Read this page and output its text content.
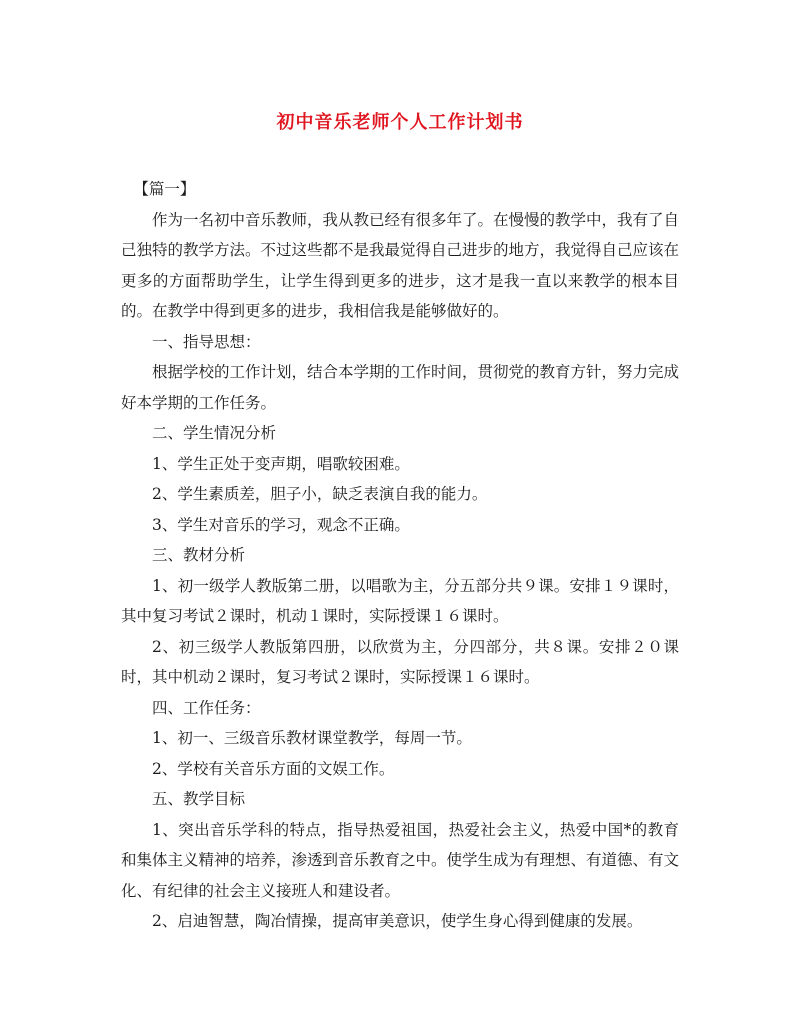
初中音乐老师个人工作计划书

【篇一】

作为一名初中音乐教师，我从教已经有很多年了。在慢慢的教学中，我有了自己独特的教学方法。不过这些都不是我最觉得自己进步的地方，我觉得自己应该在更多的方面帮助学生，让学生得到更多的进步，这才是我一直以来教学的根本目的。在教学中得到更多的进步，我相信我是能够做好的。

一、指导思想：

根据学校的工作计划，结合本学期的工作时间，贯彻党的教育方针，努力完成好本学期的工作任务。

二、学生情况分析

1、学生正处于变声期，唱歌较困难。

2、学生素质差，胆子小，缺乏表演自我的能力。

3、学生对音乐的学习，观念不正确。

三、教材分析

1、初一级学人教版第二册，以唱歌为主，分五部分共９课。安排１９课时，其中复习考试２课时，机动１课时，实际授课１６课时。

2、初三级学人教版第四册，以欣赏为主，分四部分，共８课。安排２０课时，其中机动２课时，复习考试２课时，实际授课１６课时。

四、工作任务：

1、初一、三级音乐教材课堂教学，每周一节。

2、学校有关音乐方面的文娱工作。

五、教学目标

1、突出音乐学科的特点，指导热爱祖国，热爱社会主义，热爱中国*的教育和集体主义精神的培养，渗透到音乐教育之中。使学生成为有理想、有道德、有文化、有纪律的社会主义接班人和建设者。

2、启迪智慧，陶冶情操，提高审美意识，使学生身心得到健康的发展。
